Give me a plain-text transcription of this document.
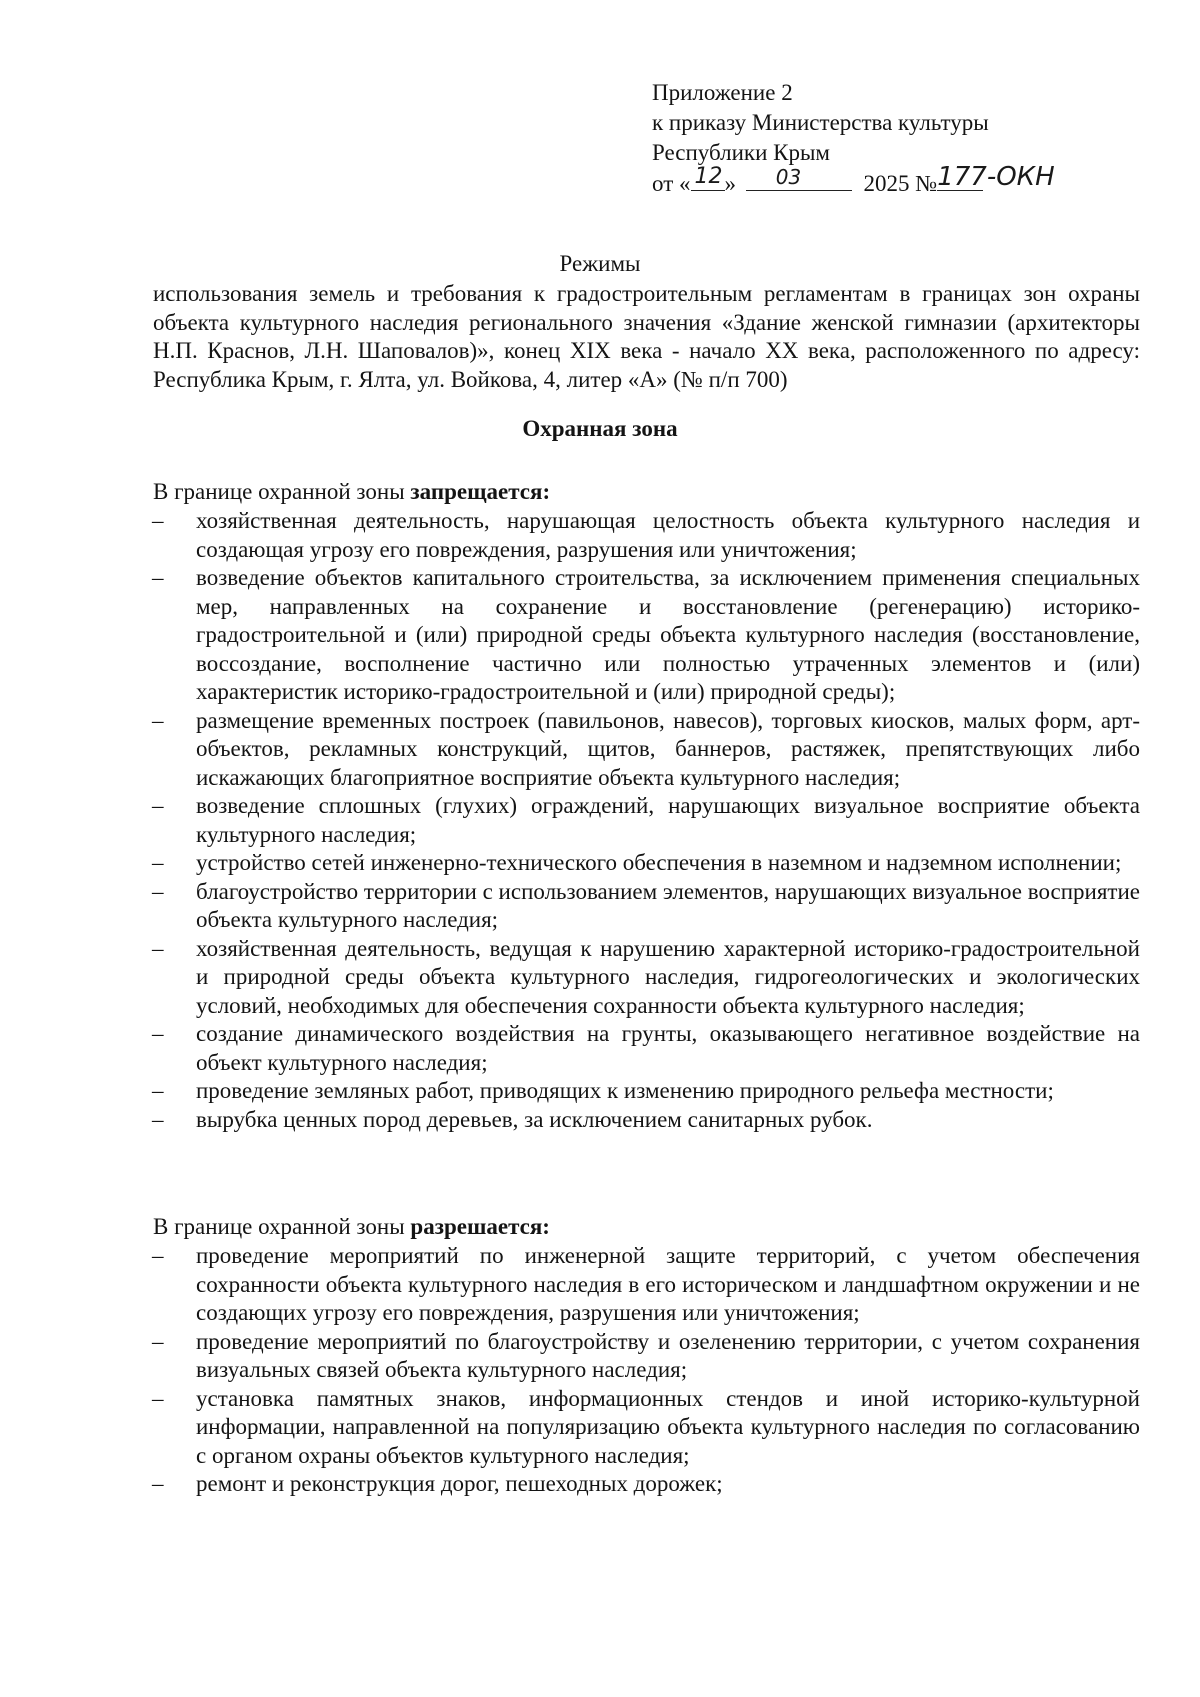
Приложение 2
к приказу Министерства культуры
Республики Крым
от « 12 » 03	2025 № 177-ОКН
Режимы
использования земель и требования к градостроительным регламентам в границах зон охраны объекта культурного наследия регионального значения «Здание женской гимназии (архитекторы Н.П. Краснов, Л.Н. Шаповалов)», конец XIX века - начало XX века, расположенного по адресу: Республика Крым, г. Ялта, ул. Войкова, 4, литер «А» (№ п/п 700)
Охранная зона
В границе охранной зоны запрещается:
– хозяйственная деятельность, нарушающая целостность объекта культурного наследия и создающая угрозу его повреждения, разрушения или уничтожения;
– возведение объектов капитального строительства, за исключением применения специальных мер, направленных на сохранение и восстановление (регенерацию) историко-градостроительной и (или) природной среды объекта культурного наследия (восстановление, воссоздание, восполнение частично или полностью утраченных элементов и (или) характеристик историко-градостроительной и (или) природной среды);
– размещение временных построек (павильонов, навесов), торговых киосков, малых форм, арт-объектов, рекламных конструкций, щитов, баннеров, растяжек, препятствующих либо искажающих благоприятное восприятие объекта культурного наследия;
– возведение сплошных (глухих) ограждений, нарушающих визуальное восприятие объекта культурного наследия;
– устройство сетей инженерно-технического обеспечения в наземном и надземном исполнении;
– благоустройство территории с использованием элементов, нарушающих визуальное восприятие объекта культурного наследия;
– хозяйственная деятельность, ведущая к нарушению характерной историко-градостроительной и природной среды объекта культурного наследия, гидрогеологических и экологических условий, необходимых для обеспечения сохранности объекта культурного наследия;
– создание динамического воздействия на грунты, оказывающего негативное воздействие на объект культурного наследия;
– проведение земляных работ, приводящих к изменению природного рельефа местности;
– вырубка ценных пород деревьев, за исключением санитарных рубок.
В границе охранной зоны разрешается:
– проведение мероприятий по инженерной защите территорий, с учетом обеспечения сохранности объекта культурного наследия в его историческом и ландшафтном окружении и не создающих угрозу его повреждения, разрушения или уничтожения;
– проведение мероприятий по благоустройству и озеленению территории, с учетом сохранения визуальных связей объекта культурного наследия;
– установка памятных знаков, информационных стендов и иной историко-культурной информации, направленной на популяризацию объекта культурного наследия по согласованию с органом охраны объектов культурного наследия;
– ремонт и реконструкция дорог, пешеходных дорожек;
